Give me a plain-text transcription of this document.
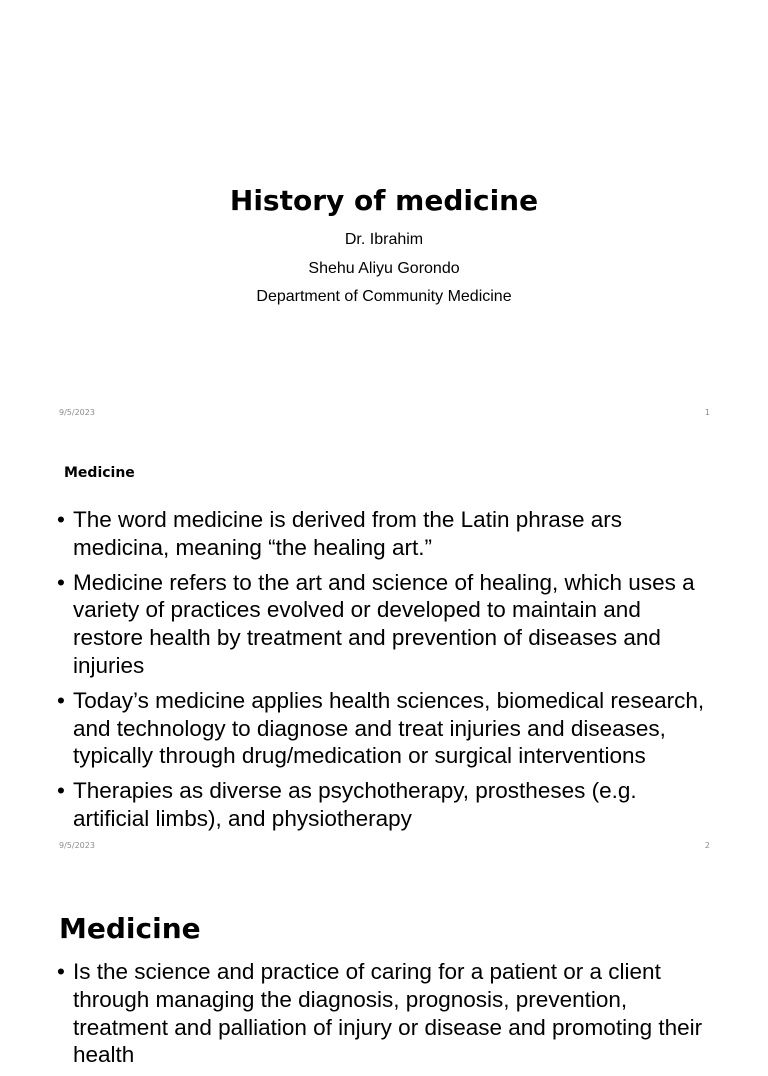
History of medicine
Dr. Ibrahim
Shehu Aliyu Gorondo
Department of Community Medicine
9/5/2023	1
Medicine
• The word medicine is derived from the Latin phrase ars medicina, meaning “the healing art.”
• Medicine refers to the art and science of healing, which uses a variety of practices evolved or developed to maintain and restore health by treatment and prevention of diseases and injuries
• Today’s medicine applies health sciences, biomedical research, and technology to diagnose and treat injuries and diseases, typically through drug/medication or surgical interventions
• Therapies as diverse as psychotherapy, prostheses (e.g. artificial limbs), and physiotherapy
9/5/2023	2
Medicine
• Is the science and practice of caring for a patient or a client through managing the diagnosis, prognosis, prevention, treatment and palliation of injury or disease and promoting their health
